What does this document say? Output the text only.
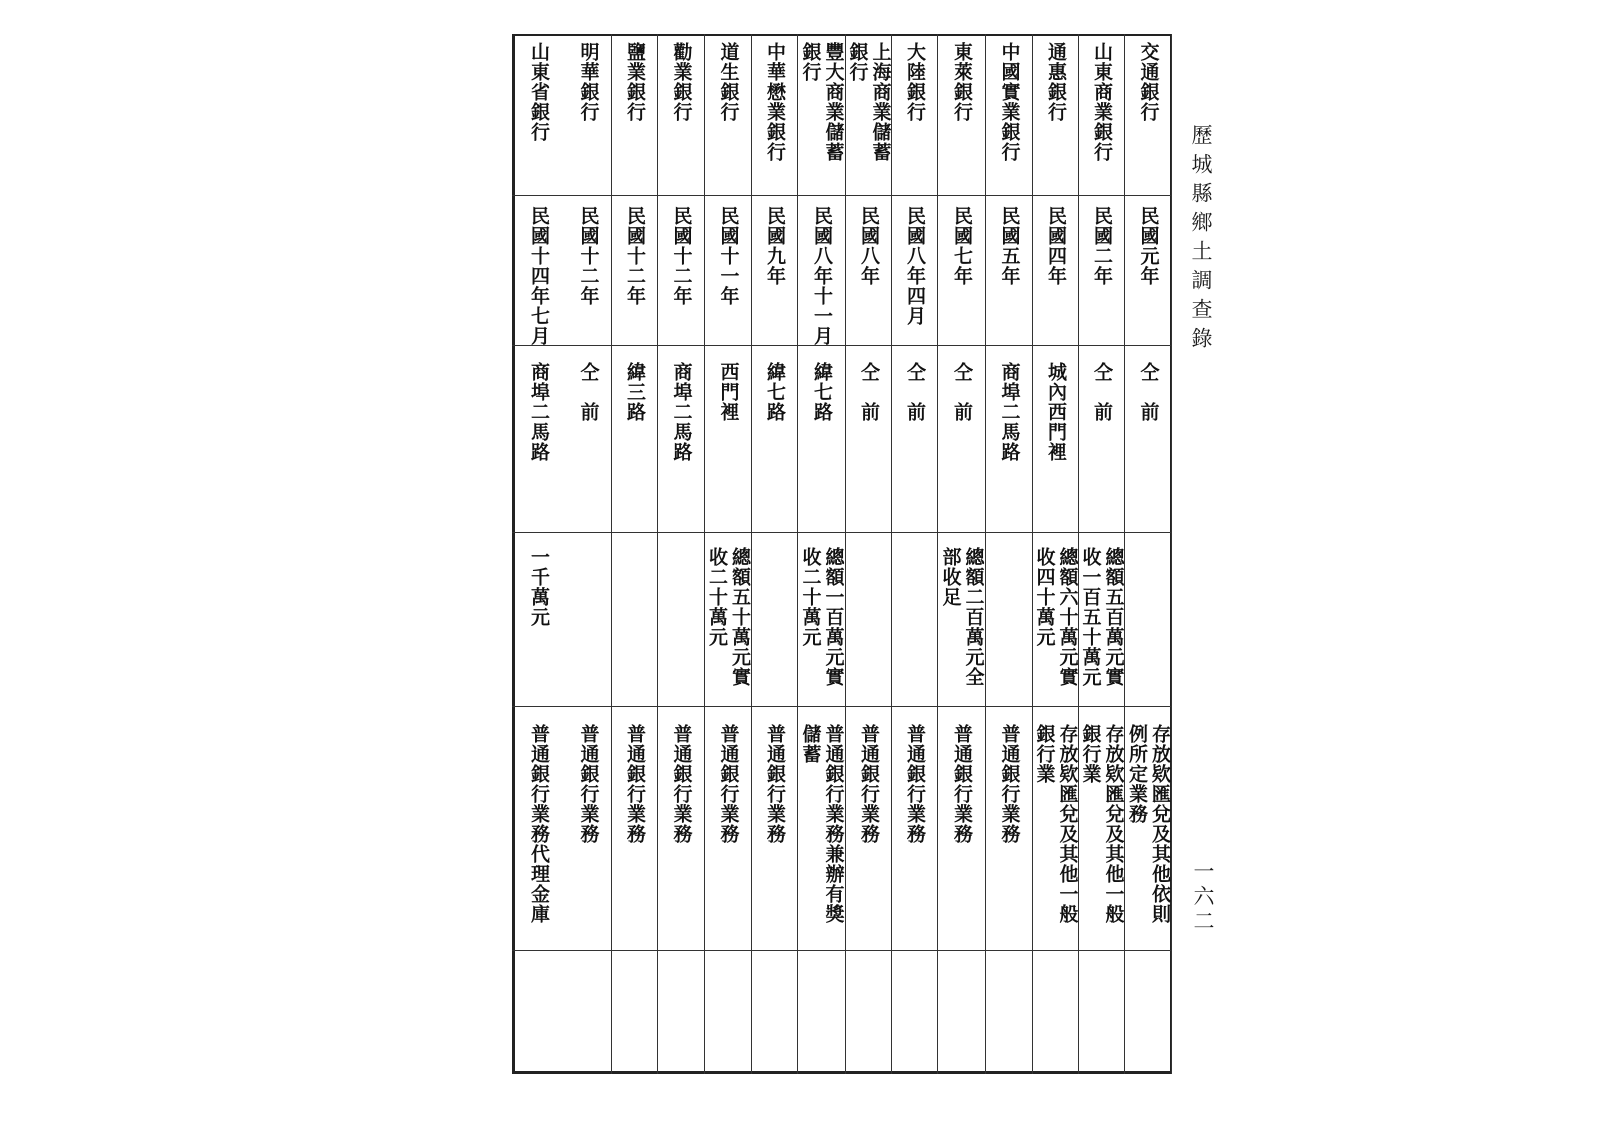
歷城縣鄉土調查錄
一六二
交通銀行
民國元年
仝　前
存放欵匯兌及其他依則
例所定業務
山東商業銀行
民國二年
仝　前
總額五百萬元實
收一百五十萬元
存放欵匯兌及其他一般
銀行業
通惠銀行
民國四年
城內西門裡
總額六十萬元實
收四十萬元
存放欵匯兌及其他一般
銀行業
中國實業銀行
民國五年
商埠二馬路
普通銀行業務
東萊銀行
民國七年
仝　前
總額二百萬元全
部收足
普通銀行業務
大陸銀行
民國八年四月
仝　前
普通銀行業務
上海商業儲蓄
銀行
民國八年
仝　前
普通銀行業務
豐大商業儲蓄
銀行
民國八年十一月
緯七路
總額一百萬元實
收二十萬元
普通銀行業務兼辦有獎
儲蓄
中華懋業銀行
民國九年
緯七路
普通銀行業務
道生銀行
民國十一年
西門裡
總額五十萬元實
收二十萬元
普通銀行業務
勸業銀行
民國十二年
商埠二馬路
普通銀行業務
鹽業銀行
民國十二年
緯三路
普通銀行業務
明華銀行
民國十二年
仝　前
普通銀行業務
山東省銀行
民國十四年七月
商埠二馬路
一千萬元
普通銀行業務代理金庫
